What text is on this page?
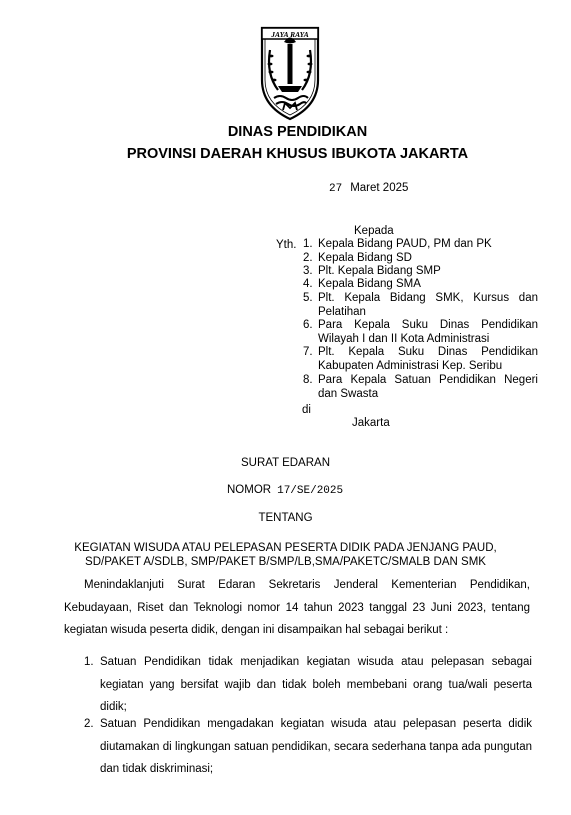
JAYA RAYA
DINAS PENDIDIKAN
PROVINSI DAERAH KHUSUS IBUKOTA JAKARTA
27 Maret 2025
Kepada
Yth. 1. Kepala Bidang PAUD, PM dan PK
2. Kepala Bidang SD
3. Plt. Kepala Bidang SMP
4. Kepala Bidang SMA
5. Plt. Kepala Bidang SMK, Kursus dan Pelatihan
6. Para Kepala Suku Dinas Pendidikan Wilayah I dan II Kota Administrasi
7. Plt. Kepala Suku Dinas Pendidikan Kabupaten Administrasi Kep. Seribu
8. Para Kepala Satuan Pendidikan Negeri dan Swasta
di
Jakarta
SURAT EDARAN
NOMOR 17/SE/2025
TENTANG
KEGIATAN WISUDA ATAU PELEPASAN PESERTA DIDIK PADA JENJANG PAUD,
SD/PAKET A/SDLB, SMP/PAKET B/SMP/LB,SMA/PAKETC/SMALB DAN SMK
Menindaklanjuti Surat Edaran Sekretaris Jenderal Kementerian Pendidikan, Kebudayaan, Riset dan Teknologi nomor 14 tahun 2023 tanggal 23 Juni 2023, tentang kegiatan wisuda peserta didik, dengan ini disampaikan hal sebagai berikut :
1. Satuan Pendidikan tidak menjadikan kegiatan wisuda atau pelepasan sebagai kegiatan yang bersifat wajib dan tidak boleh membebani orang tua/wali peserta didik;
2. Satuan Pendidikan mengadakan kegiatan wisuda atau pelepasan peserta didik diutamakan di lingkungan satuan pendidikan, secara sederhana tanpa ada pungutan dan tidak diskriminasi;
